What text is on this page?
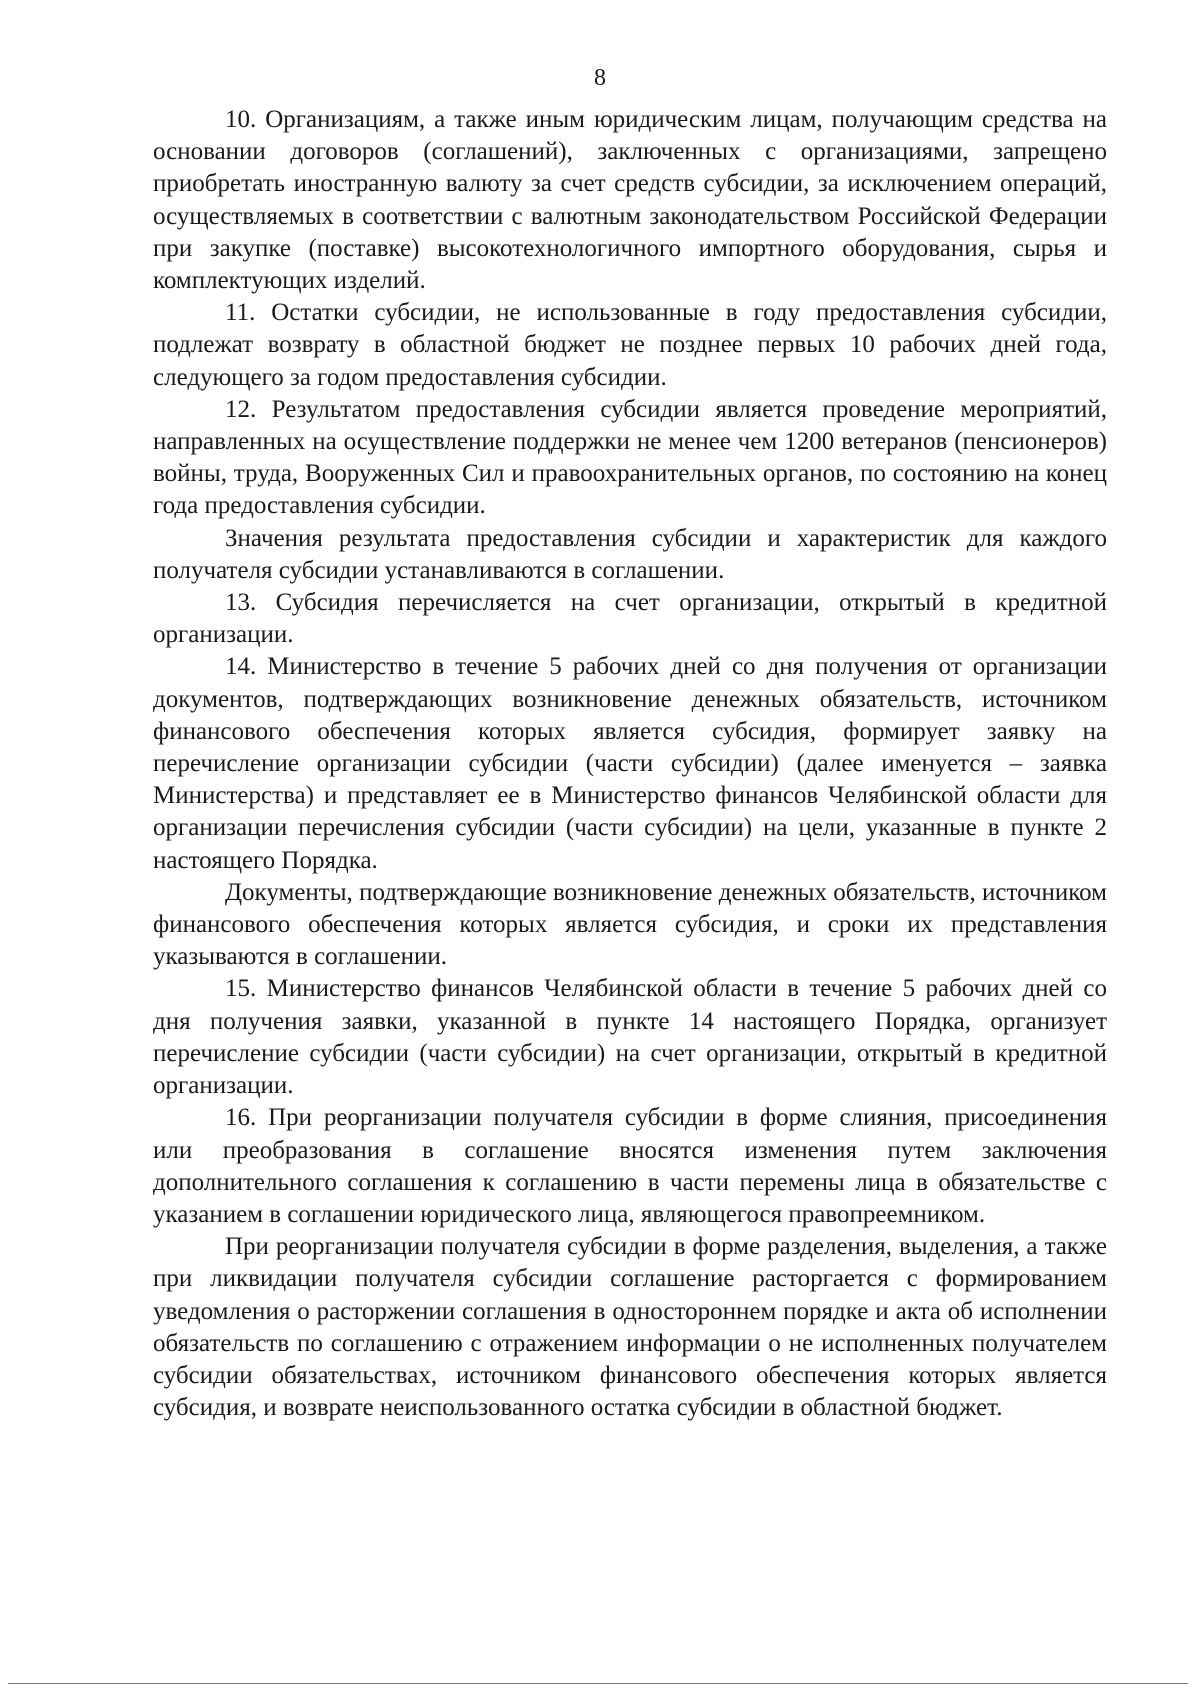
8

10. Организациям, а также иным юридическим лицам, получающим средства на основании договоров (соглашений), заключенных с организациями, запрещено приобретать иностранную валюту за счет средств субсидии, за исключением операций, осуществляемых в соответствии с валютным законодательством Российской Федерации при закупке (поставке) высокотехнологичного импортного оборудования, сырья и комплектующих изделий.

11. Остатки субсидии, не использованные в году предоставления субсидии, подлежат возврату в областной бюджет не позднее первых 10 рабочих дней года, следующего за годом предоставления субсидии.

12. Результатом предоставления субсидии является проведение мероприятий, направленных на осуществление поддержки не менее чем 1200 ветеранов (пенсионеров) войны, труда, Вооруженных Сил и правоохранительных органов, по состоянию на конец года предоставления субсидии.

Значения результата предоставления субсидии и характеристик для каждого получателя субсидии устанавливаются в соглашении.

13. Субсидия перечисляется на счет организации, открытый в кредитной организации.

14. Министерство в течение 5 рабочих дней со дня получения от организации документов, подтверждающих возникновение денежных обязательств, источником финансового обеспечения которых является субсидия, формирует заявку на перечисление организации субсидии (части субсидии) (далее именуется – заявка Министерства) и представляет ее в Министерство финансов Челябинской области для организации перечисления субсидии (части субсидии) на цели, указанные в пункте 2 настоящего Порядка.

Документы, подтверждающие возникновение денежных обязательств, источником финансового обеспечения которых является субсидия, и сроки их представления указываются в соглашении.

15. Министерство финансов Челябинской области в течение 5 рабочих дней со дня получения заявки, указанной в пункте 14 настоящего Порядка, организует перечисление субсидии (части субсидии) на счет организации, открытый в кредитной организации.

16. При реорганизации получателя субсидии в форме слияния, присоединения или преобразования в соглашение вносятся изменения путем заключения дополнительного соглашения к соглашению в части перемены лица в обязательстве с указанием в соглашении юридического лица, являющегося правопреемником.

При реорганизации получателя субсидии в форме разделения, выделения, а также при ликвидации получателя субсидии соглашение расторгается с формированием уведомления о расторжении соглашения в одностороннем порядке и акта об исполнении обязательств по соглашению с отражением информации о не исполненных получателем субсидии обязательствах, источником финансового обеспечения которых является субсидия, и возврате неиспользованного остатка субсидии в областной бюджет.
